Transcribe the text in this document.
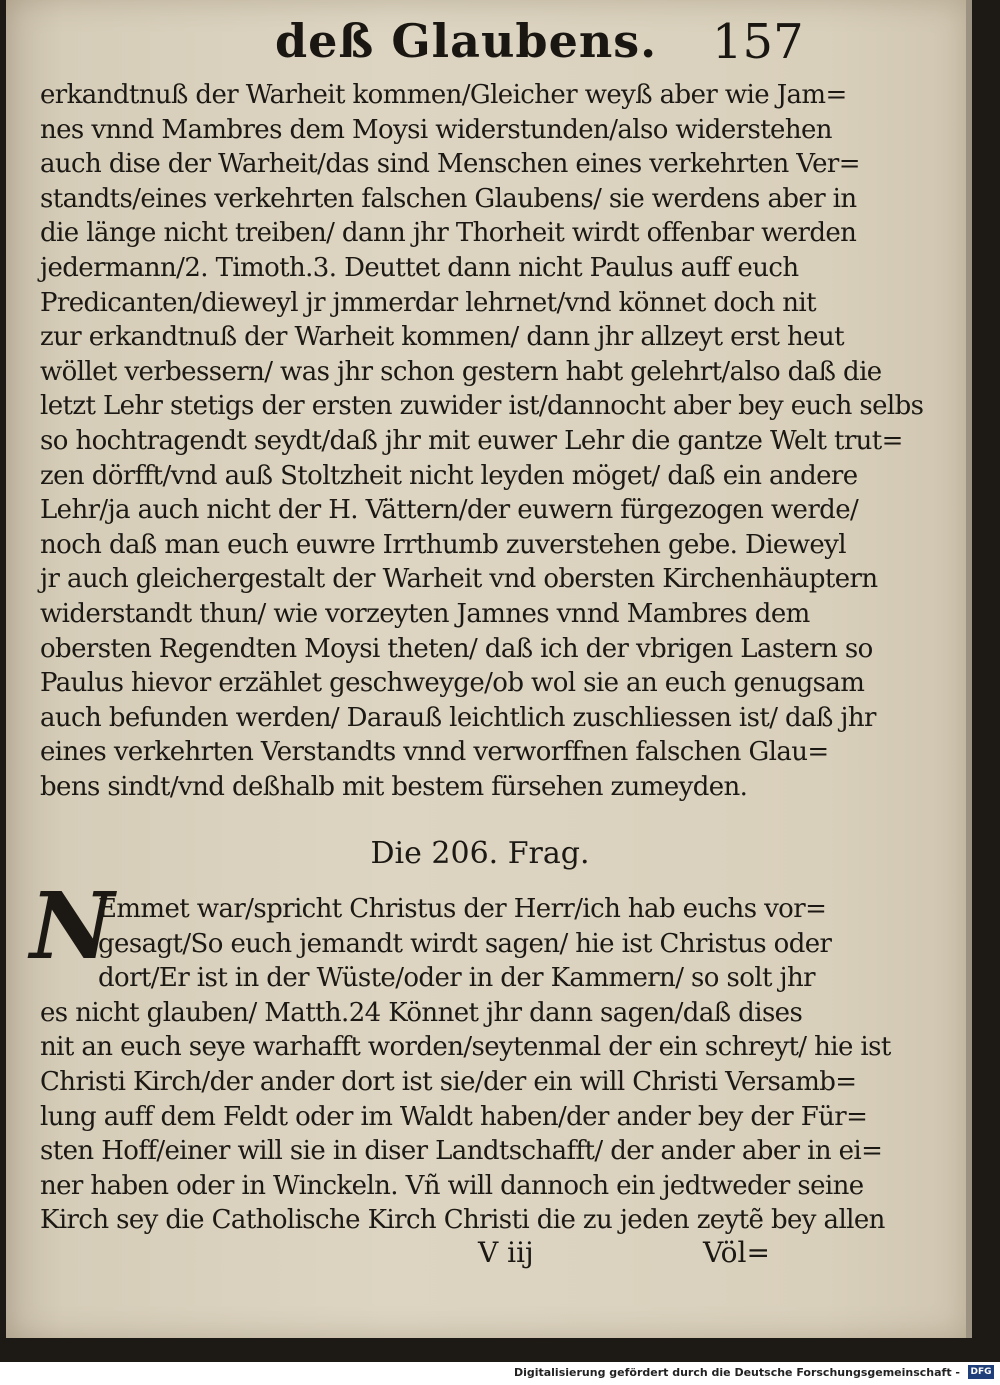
deß Glaubens. 157
erkandtnuß der Warheit kommen/Gleicher weyß aber wie Jam=
nes vnnd Mambres dem Moysi widerstunden/also widerstehen
auch dise der Warheit/das sind Menschen eines verkehrten Ver=
standts/eines verkehrten falschen Glaubens/ sie werdens aber in
die länge nicht treiben/ dann jhr Thorheit wirdt offenbar werden
jedermann/2. Timoth.3. Deuttet dann nicht Paulus auff euch
Predicanten/dieweyl jr jmmerdar lehrnet/vnd könnet doch nit
zur erkandtnuß der Warheit kommen/ dann jhr allzeyt erst heut
wöllet verbessern/ was jhr schon gestern habt gelehrt/also daß die
letzt Lehr stetigs der ersten zuwider ist/dannocht aber bey euch selbs
so hochtragendt seydt/daß jhr mit euwer Lehr die gantze Welt trut=
zen dörfft/vnd auß Stoltzheit nicht leyden möget/ daß ein andere
Lehr/ja auch nicht der H. Vättern/der euwern fürgezogen werde/
noch daß man euch euwre Irrthumb zuverstehen gebe. Dieweyl
jr auch gleichergestalt der Warheit vnd obersten Kirchenhäuptern
widerstandt thun/ wie vorzeyten Jamnes vnnd Mambres dem
obersten Regendten Moysi theten/ daß ich der vbrigen Lastern so
Paulus hievor erzählet geschweyge/ob wol sie an euch genugsam
auch befunden werden/ Darauß leichtlich zuschliessen ist/ daß jhr
eines verkehrten Verstandts vnnd verworffnen falschen Glau=
bens sindt/vnd deßhalb mit bestem fürsehen zumeyden.
Die 206. Frag.
N
Emmet war/spricht Christus der Herr/ich hab euchs vor=
gesagt/So euch jemandt wirdt sagen/ hie ist Christus oder
dort/Er ist in der Wüste/oder in der Kammern/ so solt jhr
es nicht glauben/ Matth.24 Könnet jhr dann sagen/daß dises
nit an euch seye warhafft worden/seytenmal der ein schreyt/ hie ist
Christi Kirch/der ander dort ist sie/der ein will Christi Versamb=
lung auff dem Feldt oder im Waldt haben/der ander bey der Für=
sten Hoff/einer will sie in diser Landtschafft/ der ander aber in ei=
ner haben oder in Winckeln. Vñ will dannoch ein jedtweder seine
Kirch sey die Catholische Kirch Christi die zu jeden zeytẽ bey allen
V iij	Völ=
Digitalisierung gefördert durch die Deutsche Forschungsgemeinschaft - DFG
